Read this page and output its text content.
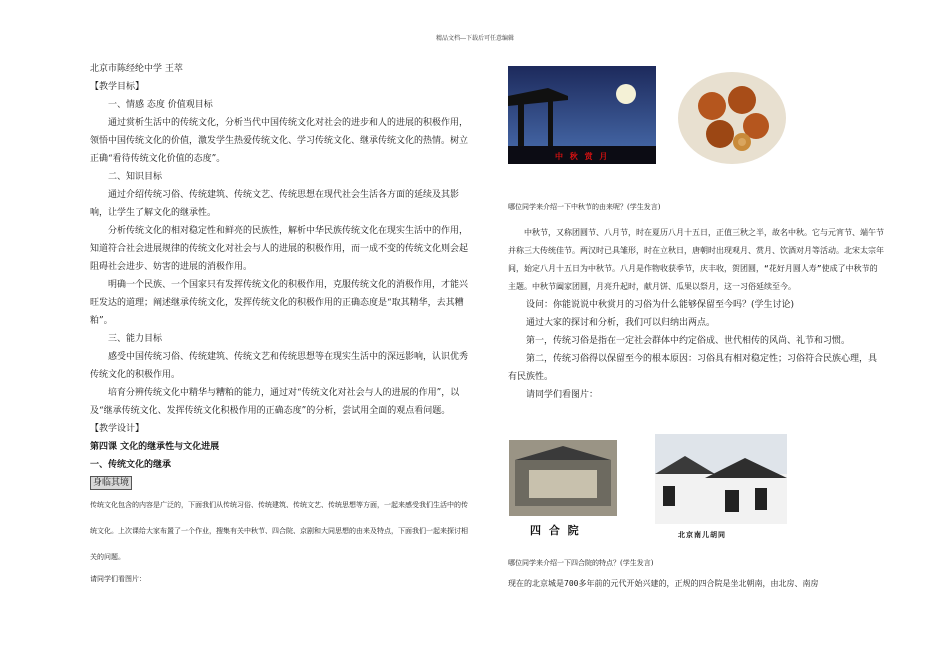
精品文档---下载后可任意编辑

北京市陈经纶中学 王萃

【教学目标】

一、情感 态度 价值观目标

通过赏析生活中的传统文化，分析当代中国传统文化对社会的进步和人的进展的积极作用，领悟中国传统文化的价值，激发学生热爱传统文化、学习传统文化、继承传统文化的热情。树立正确“看待传统文化价值的态度”。

二、知识目标

通过介绍传统习俗、传统建筑、传统文艺、传统思想在现代社会生活各方面的延续及其影响，让学生了解文化的继承性。

分析传统文化的相对稳定性和鲜亮的民族性，解析中华民族传统文化在现实生活中的作用，知道符合社会进展规律的传统文化对社会与人的进展的积极作用，而一成不变的传统文化则会起阻碍社会进步、妨害的进展的消极作用。

明确一个民族、一个国家只有发挥传统文化的积极作用，克服传统文化的消极作用，才能兴旺发达的道理；阐述继承传统文化，发挥传统文化的积极作用的正确态度是“取其精华，去其糟粕”。

三、能力目标

感受中国传统习俗、传统建筑、传统文艺和传统思想等在现实生活中的深远影响，认识优秀传统文化的积极作用。

培育分辨传统文化中精华与糟粕的能力，通过对“传统文化对社会与人的进展的作用”，以及“继承传统文化、发挥传统文化积极作用的正确态度”的分析，尝试用全面的观点看问题。

【教学设计】

第四课 文化的继承性与文化进展

一、传统文化的继承

身临其境

传统文化包含的内容是广泛的，下面我们从传统习俗、传统建筑、传统文艺、传统思想等方面，一起来感受我们生活中的传统文化。上次课给大家布置了一个作业，搜集有关中秋节、四合院、京剧和大同思想的由来及特点，下面我们一起来探讨相关的问题。

请同学们看图片：

中 秋 赏 月

哪位同学来介绍一下中秋节的由来呢？(学生发言)

中秋节，又称团圆节、八月节，时在夏历八月十五日，正值三秋之半，故名中秋。它与元宵节、端午节并称三大传统佳节。两汉时已具雏形，时在立秋日，唐朝时出现观月、赏月、饮酒对月等活动。北宋太宗年间，始定八月十五日为中秋节。八月是作物收获季节，庆丰收，贺团圆，“花好月圆人寿”使成了中秋节的主题。中秋节阖家团圆，月亮升起时，献月饼、瓜果以祭月，这一习俗延续至今。

设问：你能说说中秋赏月的习俗为什么能够保留至今吗？(学生讨论)

通过大家的探讨和分析，我们可以归纳出两点。

第一，传统习俗是指在一定社会群体中约定俗成、世代相传的风尚、礼节和习惯。

第二，传统习俗得以保留至今的根本原因：习俗具有相对稳定性；习俗符合民族心理，具有民族性。

请同学们看图片：

四 合 院	北京南儿胡同

哪位同学来介绍一下四合院的特点？(学生发言)

现在的北京城是700多年前的元代开始兴建的，正规的四合院是坐北朝南，由北房、南房
